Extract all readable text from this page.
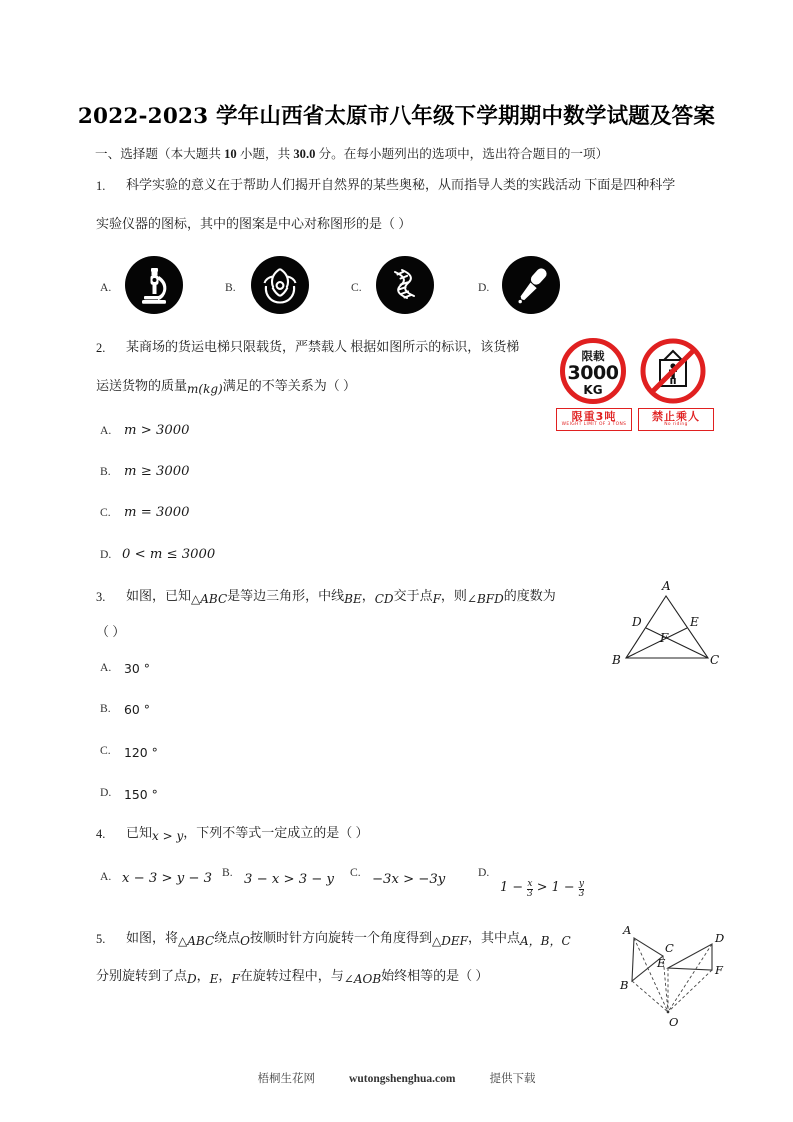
2022-2023 学年山西省太原市八年级下学期期中数学试题及答案
一、选择题（本大题共 10 小题，共 30.0 分。在每小题列出的选项中，选出符合题目的一项）
1. 科学实验的意义在于帮助人们揭开自然界的某些奥秘，从而指导人类的实践活动 下面是四种科学
实验仪器的图标，其中的图案是中心对称图形的是（ ）
A.	B.	C.	D.
2. 某商场的货运电梯只限载货，严禁载人 根据如图所示的标识，该货梯
运送货物的质量m(kg)满足的不等关系为（ ）
A. m > 3000
B. m ≥ 3000
C. m = 3000
D. 0 < m ≤ 3000
限载
3000
KG
限重3吨
WEIGHT LIMIT OF 3 TONS
禁止乘人
No riding
3. 如图，已知△ABC是等边三角形，中线BE，CD交于点F，则∠BFD的度数为
（ ）
A. 30 °
B. 60 °
C. 120 °
D. 150 °
A
D	E
F
B	C
4. 已知x > y，下列不等式一定成立的是（ ）
A. x − 3 > y − 3 B. 3 − x > 3 − y C. −3x > −3y	D.
$1 - \frac{x}{3} > 1 - \frac{y}{3}$
5. 如图，将△ABC绕点O按顺时针方向旋转一个角度得到△DEF，其中点A，B，C
分别旋转到了点D，E，F在旋转过程中，与∠AOB始终相等的是（ ）
A
C
D
E	F
B
O
梧桐生花网	wutongshenghua.com	提供下载
